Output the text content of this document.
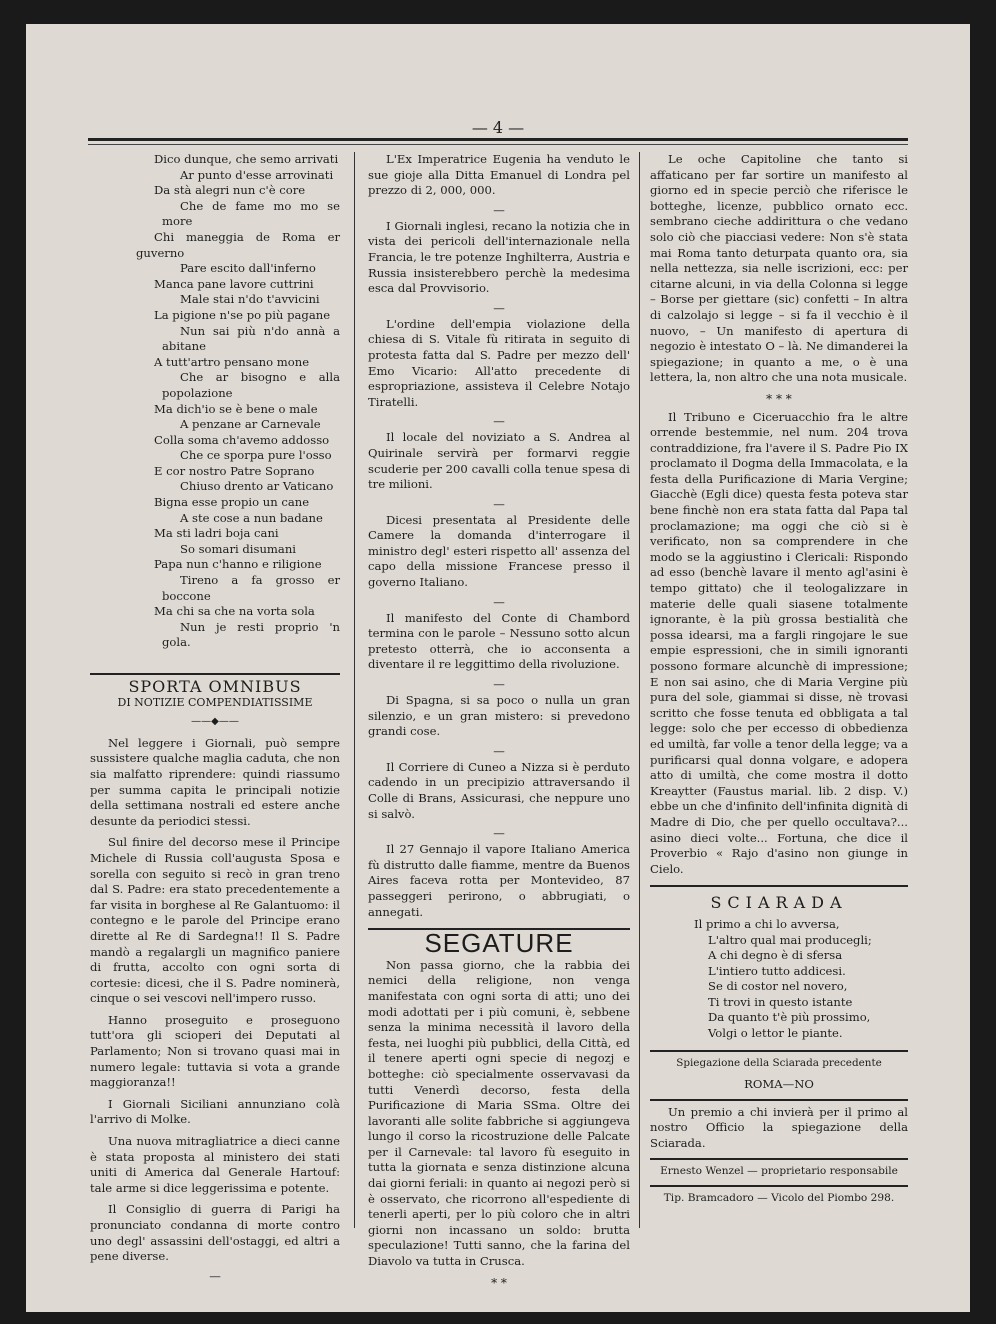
— 4 —

Dico dunque, che semo arrivati

Ar punto d'esse arrovinati

Da stà alegri nun c'è core

Che de fame mo mo se more

Chi maneggia de Roma er guverno

Pare escito dall'inferno

Manca pane lavore cuttrini

Male stai n'do t'avvicini

La pigione n'se po più pagane

Nun sai più n'do annà a abitane

A tutt'artro pensano mone

Che ar bisogno e alla popolazione

Ma dich'io se è bene o male

A penzane ar Carnevale

Colla soma ch'avemo addosso

Che ce sporpa pure l'osso

E cor nostro Patre Soprano

Chiuso drento ar Vaticano

Bigna esse propio un cane

A ste cose a nun badane

Ma sti ladri boja cani

So somari disumani

Papa nun c'hanno e riligione

Tireno a fa grosso er boccone

Ma chi sa che na vorta sola

Nun je resti proprio 'n gola.

SPORTA OMNIBUS
DI NOTIZIE COMPENDIATISSIME
——◆——

Nel leggere i Giornali, può sempre sussistere qualche maglia caduta, che non sia malfatto riprendere: quindi riassumo per summa capita le principali notizie della settimana nostrali ed estere anche desunte da periodici stessi.

Sul finire del decorso mese il Principe Michele di Russia coll'augusta Sposa e sorella con seguito si recò in gran treno dal S. Padre: era stato precedentemente a far visita in borghese al Re Galantuomo: il contegno e le parole del Principe erano dirette al Re di Sardegna!! Il S. Padre mandò a regalargli un magnifico paniere di frutta, accolto con ogni sorta di cortesie: dicesi, che il S. Padre nominerà, cinque o sei vescovi nell'impero russo.

Hanno proseguito e proseguono tutt'ora gli scioperi dei Deputati al Parlamento; Non si trovano quasi mai in numero legale: tuttavia si vota a grande maggioranza!!

I Giornali Siciliani annunziano colà l'arrivo di Molke.

Una nuova mitragliatrice a dieci canne è stata proposta al ministero dei stati uniti di America dal Generale Hartouf: tale arme si dice leggerissima e potente.

Il Consiglio di guerra di Parigi ha pronunciato condanna di morte contro uno degl' assassini dell'ostaggi, ed altri a pene diverse.

—

L'Ex Imperatrice Eugenia ha venduto le sue gioje alla Ditta Emanuel di Londra pel prezzo di 2, 000, 000.

—

I Giornali inglesi, recano la notizia che in vista dei pericoli dell'internazionale nella Francia, le tre potenze Inghilterra, Austria e Russia insisterebbero perchè la medesima esca dal Provvisorio.

—

L'ordine dell'empia violazione della chiesa di S. Vitale fù ritirata in seguito di protesta fatta dal S. Padre per mezzo dell' Emo Vicario: All'atto precedente di espropriazione, assisteva il Celebre Notajo Tiratelli.

—

Il locale del noviziato a S. Andrea al Quirinale servirà per formarvi reggie scuderie per 200 cavalli colla tenue spesa di tre milioni.

—

Dicesi presentata al Presidente delle Camere la domanda d'interrogare il ministro degl' esteri rispetto all' assenza del capo della missione Francese presso il governo Italiano.

—

Il manifesto del Conte di Chambord termina con le parole – Nessuno sotto alcun pretesto otterrà, che io acconsenta a diventare il re leggittimo della rivoluzione.

—

Di Spagna, si sa poco o nulla un gran silenzio, e un gran mistero: si prevedono grandi cose.

—

Il Corriere di Cuneo a Nizza si è perduto cadendo in un precipizio attraversando il Colle di Brans, Assicurasi, che neppure uno si salvò.

—

Il 27 Gennajo il vapore Italiano America fù distrutto dalle fiamme, mentre da Buenos Aires faceva rotta per Montevideo, 87 passeggeri perirono, o abbrugiati, o annegati.

SEGATURE

Non passa giorno, che la rabbia dei nemici della religione, non venga manifestata con ogni sorta di atti; uno dei modi adottati per i più comuni, è, sebbene senza la minima necessità il lavoro della festa, nei luoghi più pubblici, della Città, ed il tenere aperti ogni specie di negozj e botteghe: ciò specialmente osservavasi da tutti Venerdì decorso, festa della Purificazione di Maria SSma. Oltre dei lavoranti alle solite fabbriche si aggiungeva lungo il corso la ricostruzione delle Palcate per il Carnevale: tal lavoro fù eseguito in tutta la giornata e senza distinzione alcuna dai giorni feriali: in quanto ai negozi però si è osservato, che ricorrono all'espediente di tenerli aperti, per lo più coloro che in altri giorni non incassano un soldo: brutta speculazione! Tutti sanno, che la farina del Diavolo va tutta in Crusca.

* *

Le oche Capitoline che tanto si affaticano per far sortire un manifesto al giorno ed in specie perciò che riferisce le botteghe, licenze, pubblico ornato ecc. sembrano cieche addirittura o che vedano solo ciò che piacciasi vedere: Non s'è stata mai Roma tanto deturpata quanto ora, sia nella nettezza, sia nelle iscrizioni, ecc: per citarne alcuni, in via della Colonna si legge – Borse per giettare (sic) confetti – In altra di calzolajo si legge – si fa il vecchio è il nuovo, – Un manifesto di apertura di negozio è intestato O – là. Ne dimanderei la spiegazione; in quanto a me, o è una lettera, la, non altro che una nota musicale.

* * *

Il Tribuno e Ciceruacchio fra le altre orrende bestemmie, nel num. 204 trova contraddizione, fra l'avere il S. Padre Pio IX proclamato il Dogma della Immacolata, e la festa della Purificazione di Maria Vergine; Giacchè (Egli dice) questa festa poteva star bene finchè non era stata fatta dal Papa tal proclamazione; ma oggi che ciò si è verificato, non sa comprendere in che modo se la aggiustino i Clericali: Rispondo ad esso (benchè lavare il mento agl'asini è tempo gittato) che il teologalizzare in materie delle quali siasene totalmente ignorante, è la più grossa bestialità che possa idearsi, ma a fargli ringojare le sue empie espressioni, che in simili ignoranti possono formare alcunchè di impressione; E non sai asino, che di Maria Vergine più pura del sole, giammai si disse, nè trovasi scritto che fosse tenuta ed obbligata a tal legge: solo che per eccesso di obbedienza ed umiltà, far volle a tenor della legge; va a purificarsi qual donna volgare, e adopera atto di umiltà, che come mostra il dotto Kreaytter (Faustus marial. lib. 2 disp. V.) ebbe un che d'infinito dell'infinita dignità di Madre di Dio, che per quello occultava?... asino dieci volte... Fortuna, che dice il Proverbio « Rajo d'asino non giunge in Cielo.

SCIARADA

Il primo a chi lo avversa,

L'altro qual mai producegli;

A chi degno è di sfersa

L'intiero tutto addicesi.

Se di costor nel novero,

Ti trovi in questo istante

Da quanto t'è più prossimo,

Volgi o lettor le piante.

Spiegazione della Sciarada precedente

ROMA—NO

Un premio a chi invierà per il primo al nostro Officio la spiegazione della Sciarada.

Ernesto Wenzel — proprietario responsabile

Tip. Bramcadoro — Vicolo del Piombo 298.
